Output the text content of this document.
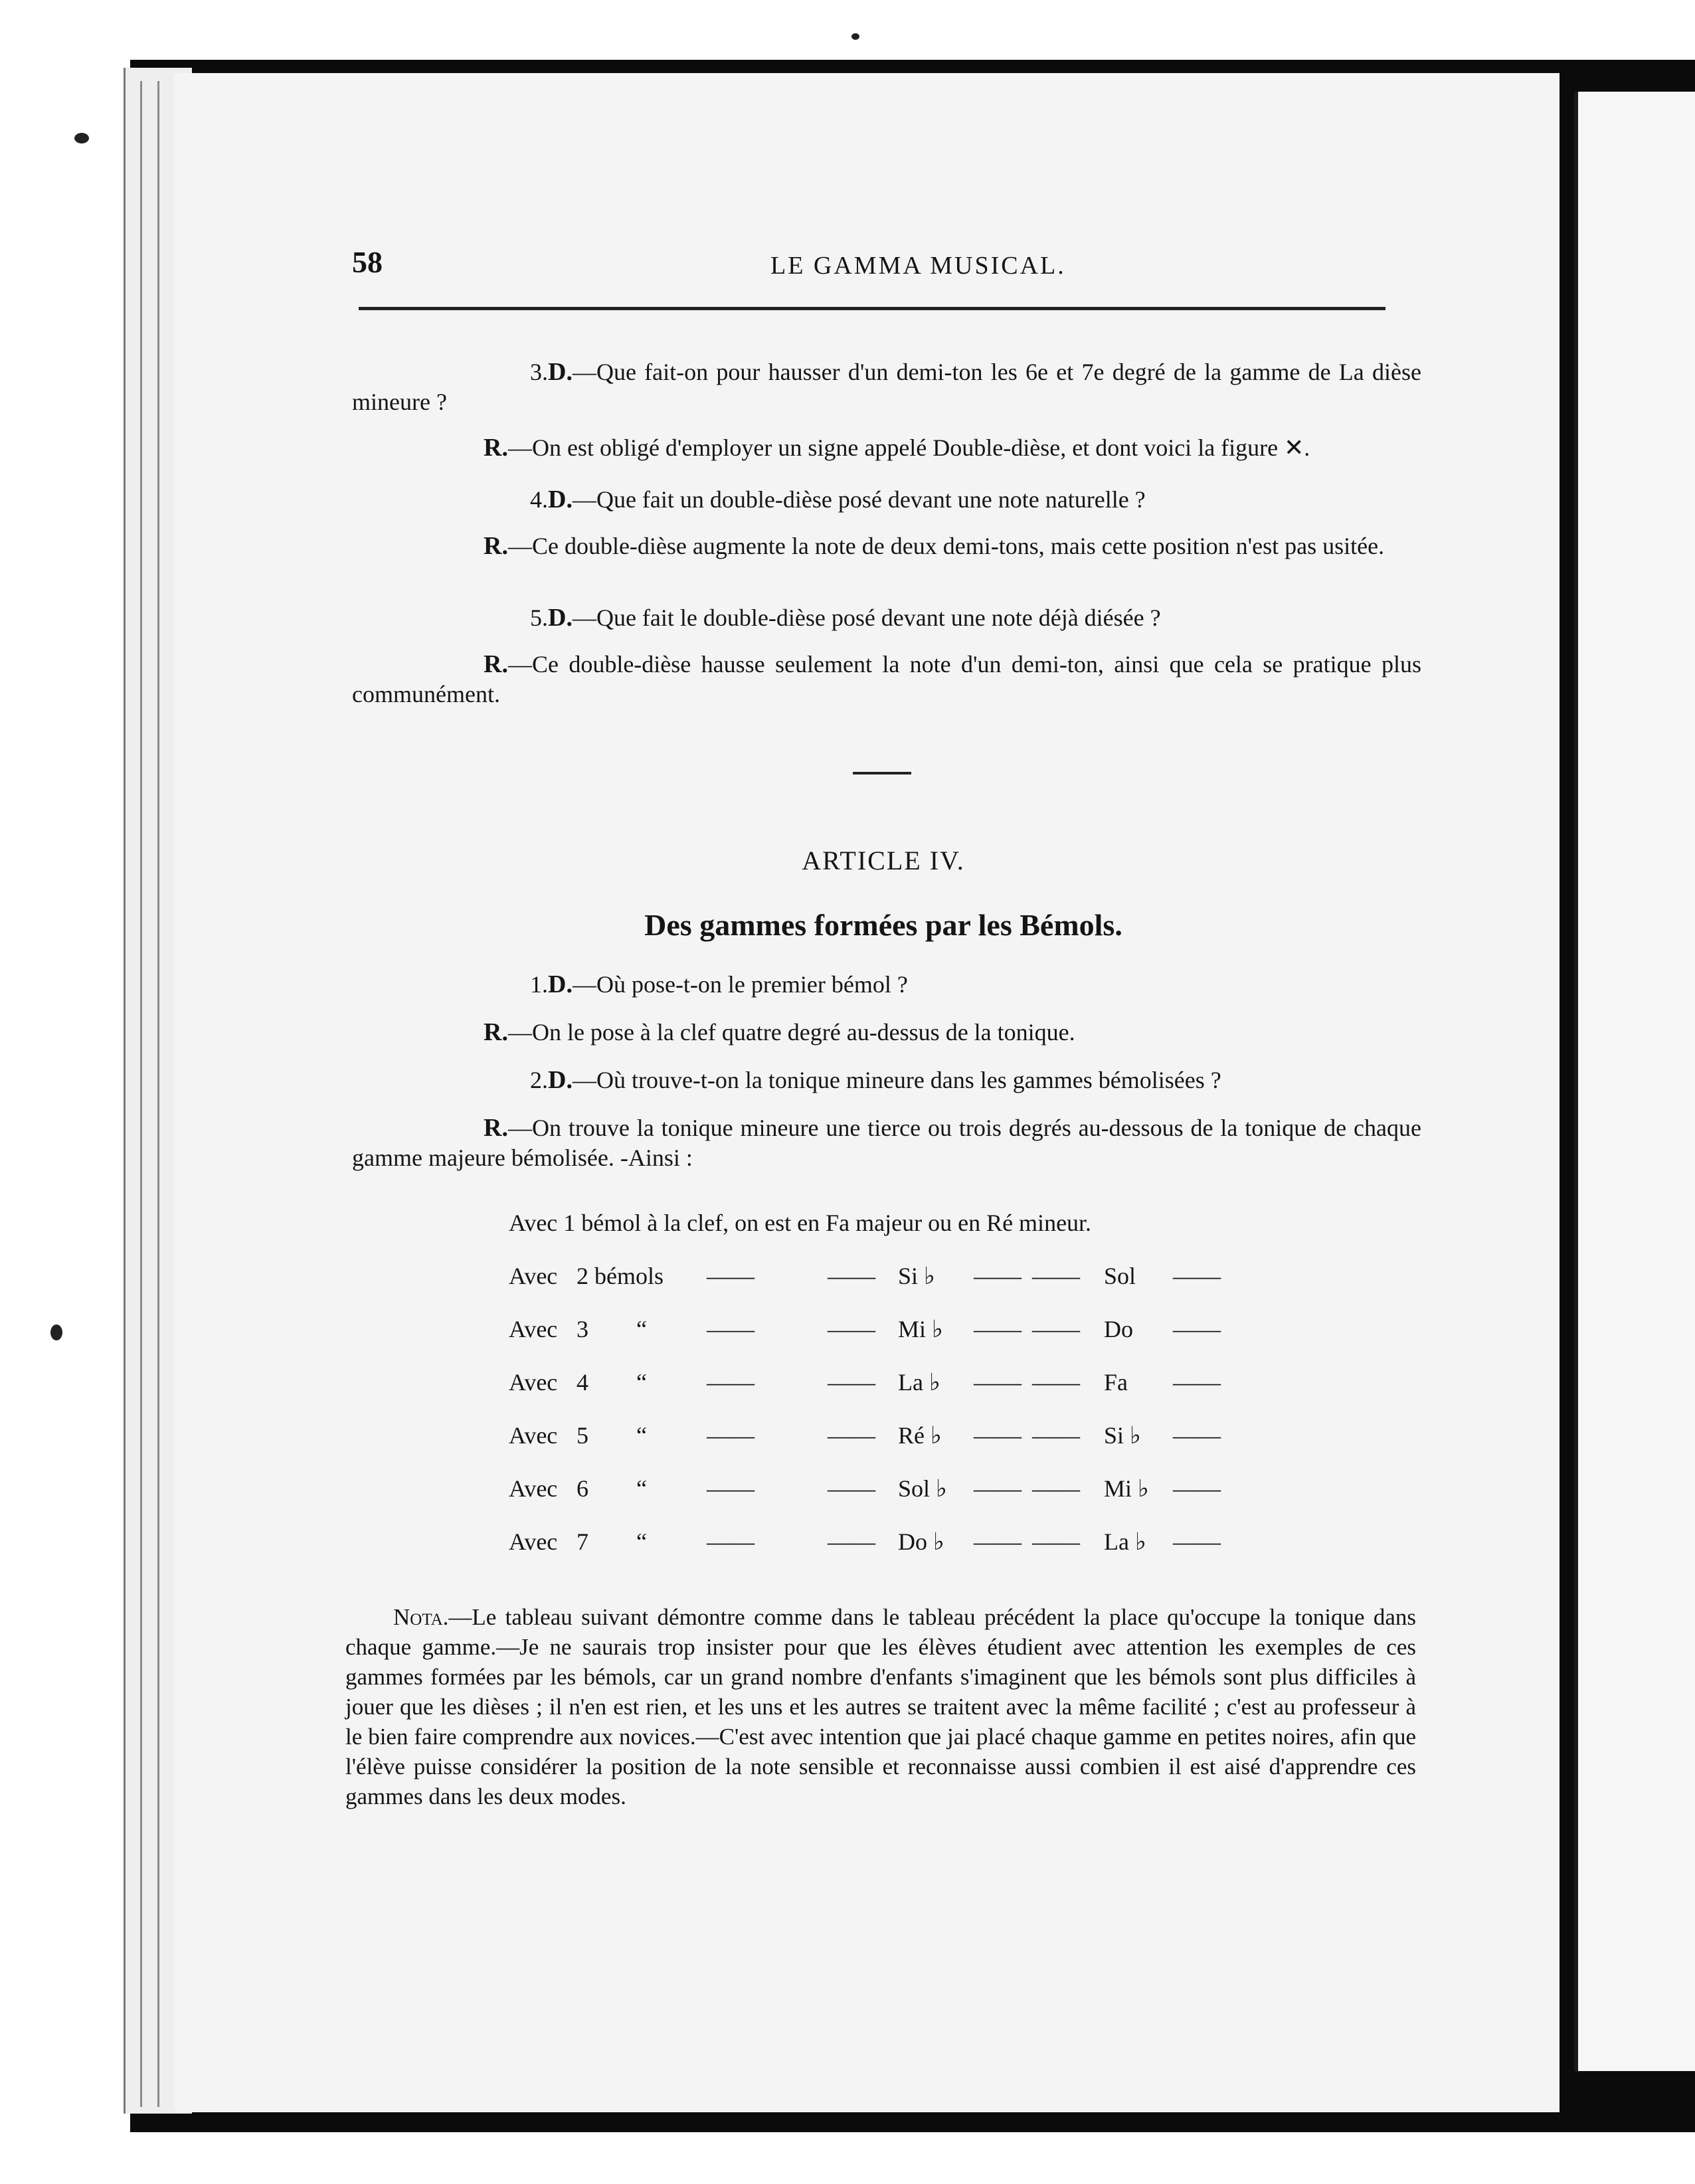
58	LE GAMMA MUSICAL.
3.D.—Que fait-on pour hausser d'un demi-ton les 6e et 7e degré de la gamme de La dièse mineure ?
R.—On est obligé d'employer un signe appelé Double-dièse, et dont voici la figure ✕.
4.D.—Que fait un double-dièse posé devant une note naturelle ?
R.—Ce double-dièse augmente la note de deux demi-tons, mais cette position n'est pas usitée.
5.D.—Que fait le double-dièse posé devant une note déjà diésée ?
R.—Ce double-dièse hausse seulement la note d'un demi-ton, ainsi que cela se pratique plus communément.
ARTICLE IV.
Des gammes formées par les Bémols.
1.D.—Où pose-t-on le premier bémol ?
R.—On le pose à la clef quatre degré au-dessus de la tonique.
2.D.—Où trouve-t-on la tonique mineure dans les gammes bémolisées ?
R.—On trouve la tonique mineure une tierce ou trois degrés au-dessous de la tonique de chaque gamme majeure bémolisée. -Ainsi :
Avec 1 bémol à la clef, on est en Fa majeur ou en Ré mineur.
Avec 2 bémols ——	—— Si ♭ —— —— Sol ——
Avec 3 “	——	—— Mi ♭ —— —— Do ——
Avec 4 “	——	—— La ♭ —— —— Fa ——
Avec 5 “	——	—— Ré ♭ —— —— Si ♭ ——
Avec 6 “	——	—— Sol ♭ —— —— Mi ♭ ——
Avec 7 “	——	—— Do ♭ —— —— La ♭ ——
Nota.—Le tableau suivant démontre comme dans le tableau précédent la place qu'occupe la tonique dans chaque gamme.—Je ne saurais trop insister pour que les élèves étudient avec attention les exemples de ces gammes formées par les bémols, car un grand nombre d'enfants s'imaginent que les bémols sont plus difficiles à jouer que les dièses ; il n'en est rien, et les uns et les autres se traitent avec la même facilité ; c'est au professeur à le bien faire comprendre aux novices.—C'est avec intention que jai placé chaque gamme en petites noires, afin que l'élève puisse considérer la position de la note sensible et reconnaisse aussi combien il est aisé d'apprendre ces gammes dans les deux modes.
